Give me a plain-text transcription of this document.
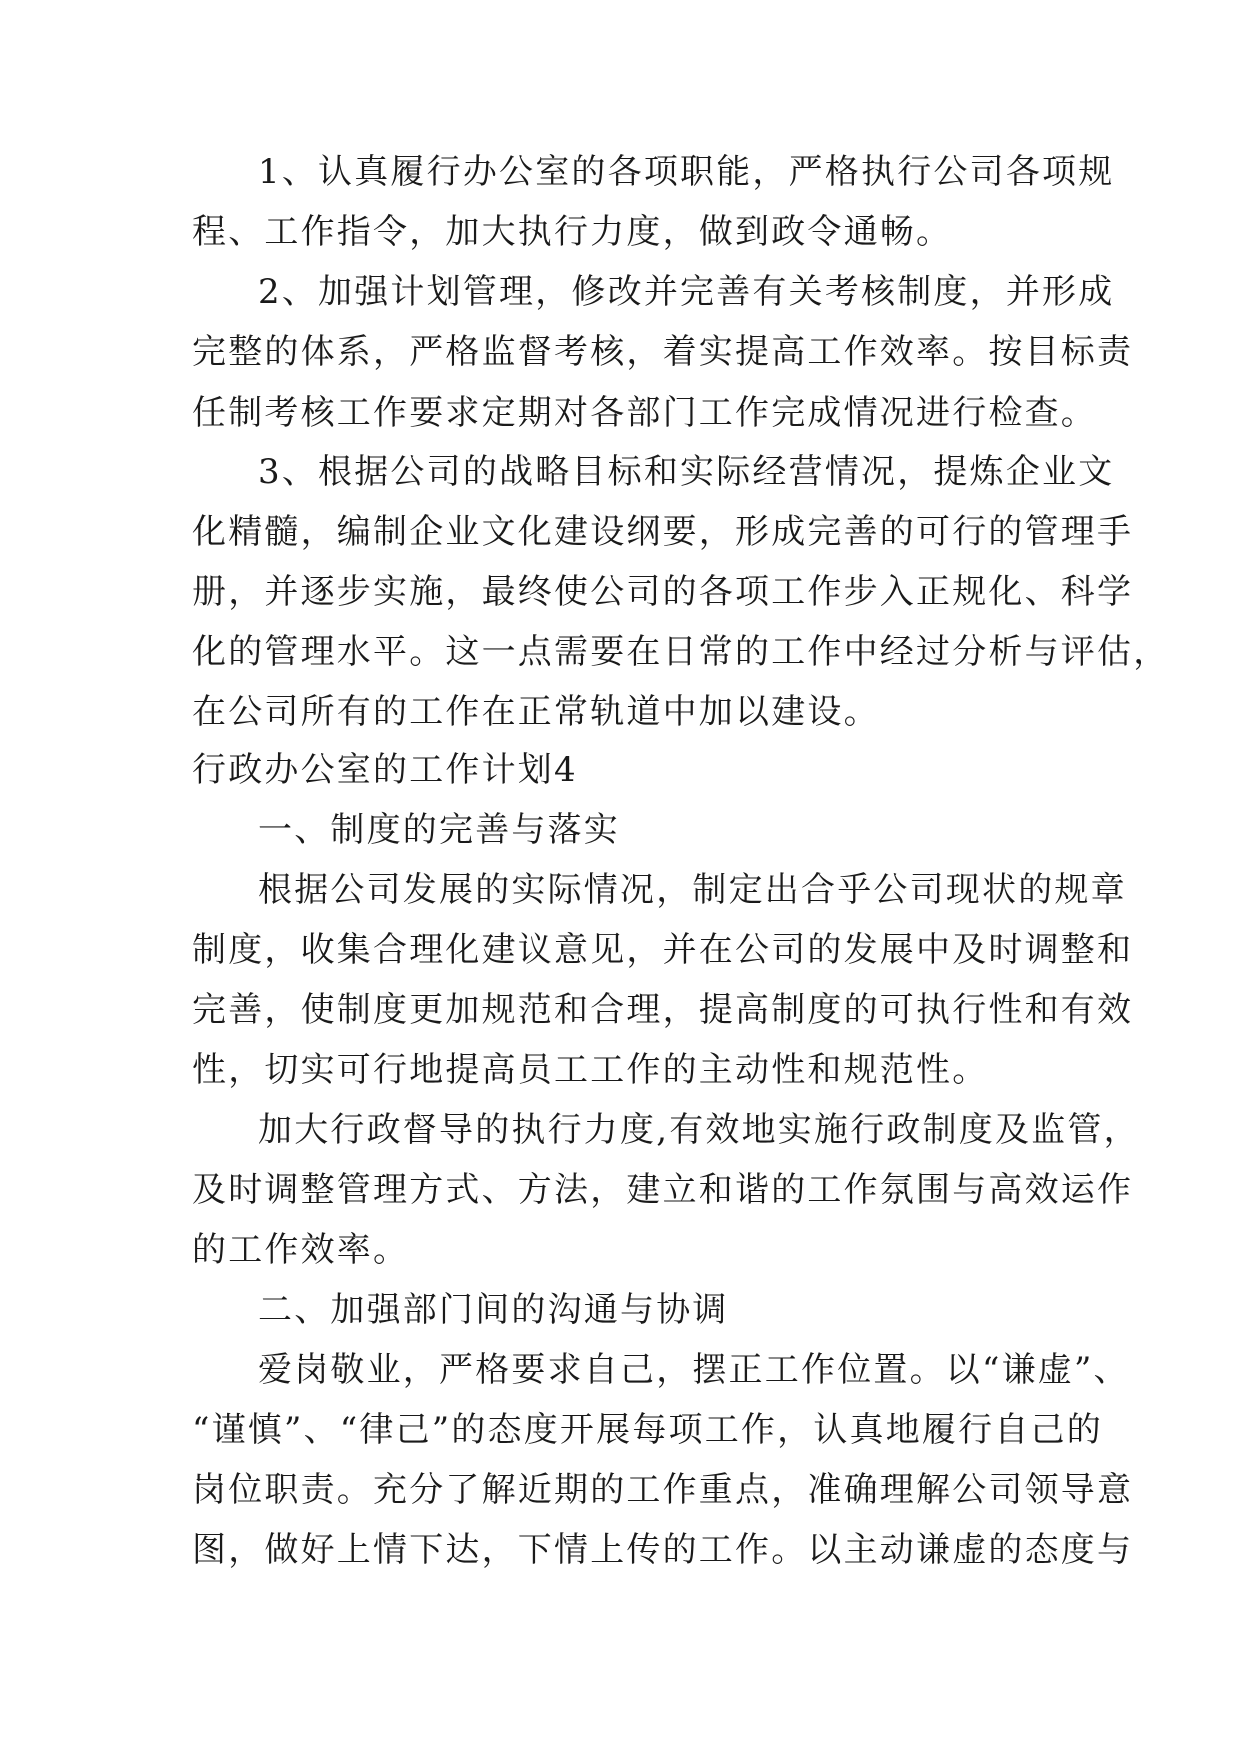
1、认真履行办公室的各项职能，严格执行公司各项规
程、工作指令，加大执行力度，做到政令通畅。
2、加强计划管理，修改并完善有关考核制度，并形成
完整的体系，严格监督考核，着实提高工作效率。按目标责
任制考核工作要求定期对各部门工作完成情况进行检查。
3、根据公司的战略目标和实际经营情况，提炼企业文
化精髓，编制企业文化建设纲要，形成完善的可行的管理手
册，并逐步实施，最终使公司的各项工作步入正规化、科学
化的管理水平。这一点需要在日常的工作中经过分析与评估，
在公司所有的工作在正常轨道中加以建设。
行政办公室的工作计划4
一、制度的完善与落实
根据公司发展的实际情况，制定出合乎公司现状的规章
制度，收集合理化建议意见，并在公司的发展中及时调整和
完善，使制度更加规范和合理，提高制度的可执行性和有效
性，切实可行地提高员工工作的主动性和规范性。
加大行政督导的执行力度,有效地实施行政制度及监管，
及时调整管理方式、方法，建立和谐的工作氛围与高效运作
的工作效率。
二、加强部门间的沟通与协调
爱岗敬业，严格要求自己，摆正工作位置。以“谦虚”、
“谨慎”、“律己”的态度开展每项工作，认真地履行自己的
岗位职责。充分了解近期的工作重点，准确理解公司领导意
图，做好上情下达，下情上传的工作。以主动谦虚的态度与
